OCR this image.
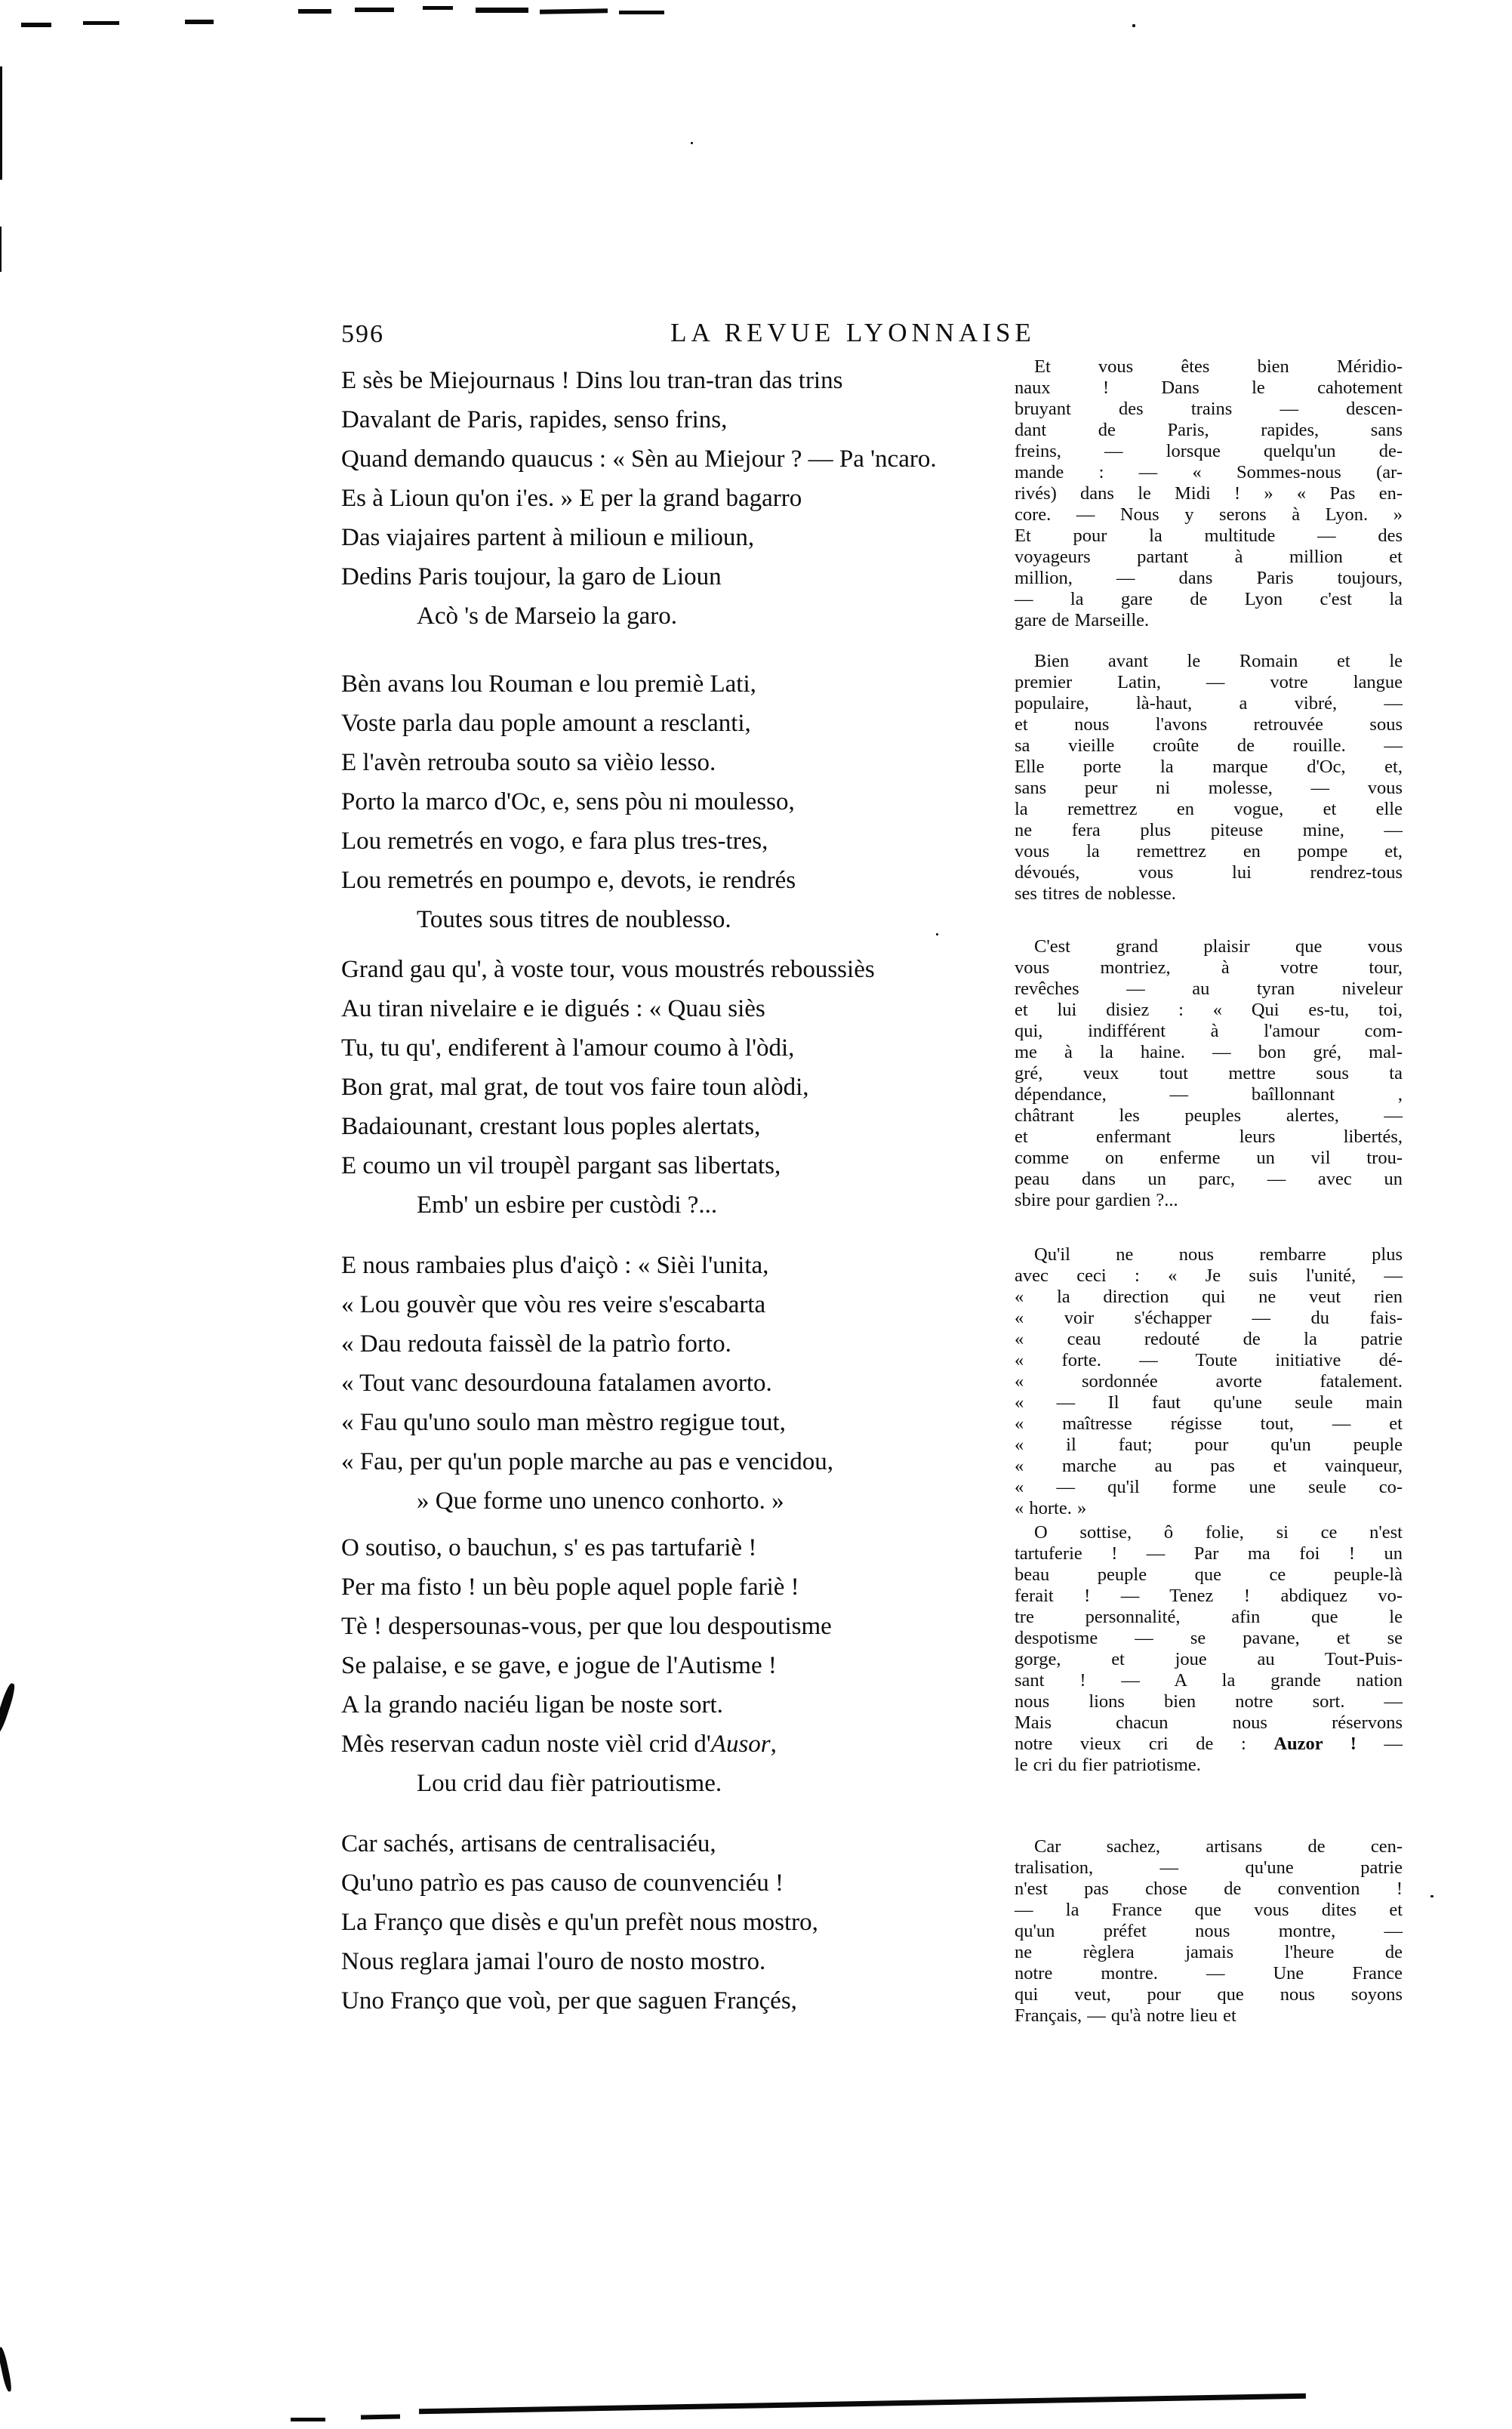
596	LA REVUE LYONNAISE
E sès be Miejournaus ! Dins lou tran-tran das trins
Davalant de Paris, rapides, senso frins,
Quand demando quaucus : « Sèn au Miejour ? — Pa 'ncaro.
Es à Lioun qu'on i'es. » E per la grand bagarro
Das viajaires partent à milioun e milioun,
Dedins Paris toujour, la garo de Lioun
Acò 's de Marseio la garo.
Bèn avans lou Rouman e lou premiè Lati,
Voste parla dau pople amount a resclanti,
E l'avèn retrouba souto sa vièio lesso.
Porto la marco d'Oc, e, sens pòu ni moulesso,
Lou remetrés en vogo, e fara plus tres-tres,
Lou remetrés en poumpo e, devots, ie rendrés
Toutes sous titres de noublesso.
Grand gau qu', à voste tour, vous moustrés reboussiès
Au tiran nivelaire e ie digués : « Quau siès
Tu, tu qu', endiferent à l'amour coumo à l'òdi,
Bon grat, mal grat, de tout vos faire toun alòdi,
Badaiounant, crestant lous poples alertats,
E coumo un vil troupèl pargant sas libertats,
Emb' un esbire per custòdi ?...
E nous rambaies plus d'aiçò : « Sièi l'unita,
« Lou gouvèr que vòu res veire s'escabarta
« Dau redouta faissèl de la patrìo forto.
« Tout vanc desourdouna fatalamen avorto.
« Fau qu'uno soulo man mèstro regigue tout,
« Fau, per qu'un pople marche au pas e vencidou,
» Que forme uno unenco conhorto. »
O soutiso, o bauchun, s' es pas tartufariè !
Per ma fisto ! un bèu pople aquel pople fariè !
Tè ! despersounas-vous, per que lou despoutisme
Se palaise, e se gave, e jogue de l'Autisme !
A la grando naciéu ligan be noste sort.
Mès reservan cadun noste vièl crid d'Ausor,
Lou crid dau fièr patrioutisme.
Car sachés, artisans de centralisaciéu,
Qu'uno patrìo es pas causo de counvenciéu !
La Franço que disès e qu'un prefèt nous mostro,
Nous reglara jamai l'ouro de nosto mostro.
Uno Franço que voù, per que saguen Françés,
Et vous êtes bien Méridio-
naux ! Dans le cahotement
bruyant des trains — descen-
dant de Paris, rapides, sans
freins, — lorsque quelqu'un de-
mande : — « Sommes-nous (ar-
rivés) dans le Midi ! » « Pas en-
core. — Nous y serons à Lyon. »
Et pour la multitude — des
voyageurs partant à million et
million, — dans Paris toujours,
— la gare de Lyon c'est la
gare de Marseille.
Bien avant le Romain et le
premier Latin, — votre langue
populaire, là-haut, a vibré, —
et nous l'avons retrouvée sous
sa vieille croûte de rouille. —
Elle porte la marque d'Oc, et,
sans peur ni molesse, — vous
la remettrez en vogue, et elle
ne fera plus piteuse mine, —
vous la remettrez en pompe et,
dévoués, vous lui rendrez-tous
ses titres de noblesse.
C'est grand plaisir que vous
vous montriez, à votre tour,
revêches — au tyran niveleur
et lui disiez : « Qui es-tu, toi,
qui, indifférent à l'amour com-
me à la haine. — bon gré, mal-
gré, veux tout mettre sous ta
dépendance, — baîllonnant ,
châtrant les peuples alertes, —
et enfermant leurs libertés,
comme on enferme un vil trou-
peau dans un parc, — avec un
sbire pour gardien ?...
Qu'il ne nous rembarre plus
avec ceci : « Je suis l'unité, —
« la direction qui ne veut rien
« voir s'échapper — du fais-
« ceau redouté de la patrie
« forte. — Toute initiative dé-
« sordonnée avorte fatalement.
« — Il faut qu'une seule main
« maîtresse régisse tout, — et
« il faut; pour qu'un peuple
« marche au pas et vainqueur,
« — qu'il forme une seule co-
« horte. »
O sottise, ô folie, si ce n'est
tartuferie ! — Par ma foi ! un
beau peuple que ce peuple-là
ferait ! — Tenez ! abdiquez vo-
tre personnalité, afin que le
despotisme — se pavane, et se
gorge, et joue au Tout-Puis-
sant ! — A la grande nation
nous lions bien notre sort. —
Mais chacun nous réservons
notre vieux cri de : Auzor ! —
le cri du fier patriotisme.
Car sachez, artisans de cen-
tralisation, — qu'une patrie
n'est pas chose de convention !
— la France que vous dites et
qu'un préfet nous montre, —
ne règlera jamais l'heure de
notre montre. — Une France
qui veut, pour que nous soyons
Français, — qu'à notre lieu et
